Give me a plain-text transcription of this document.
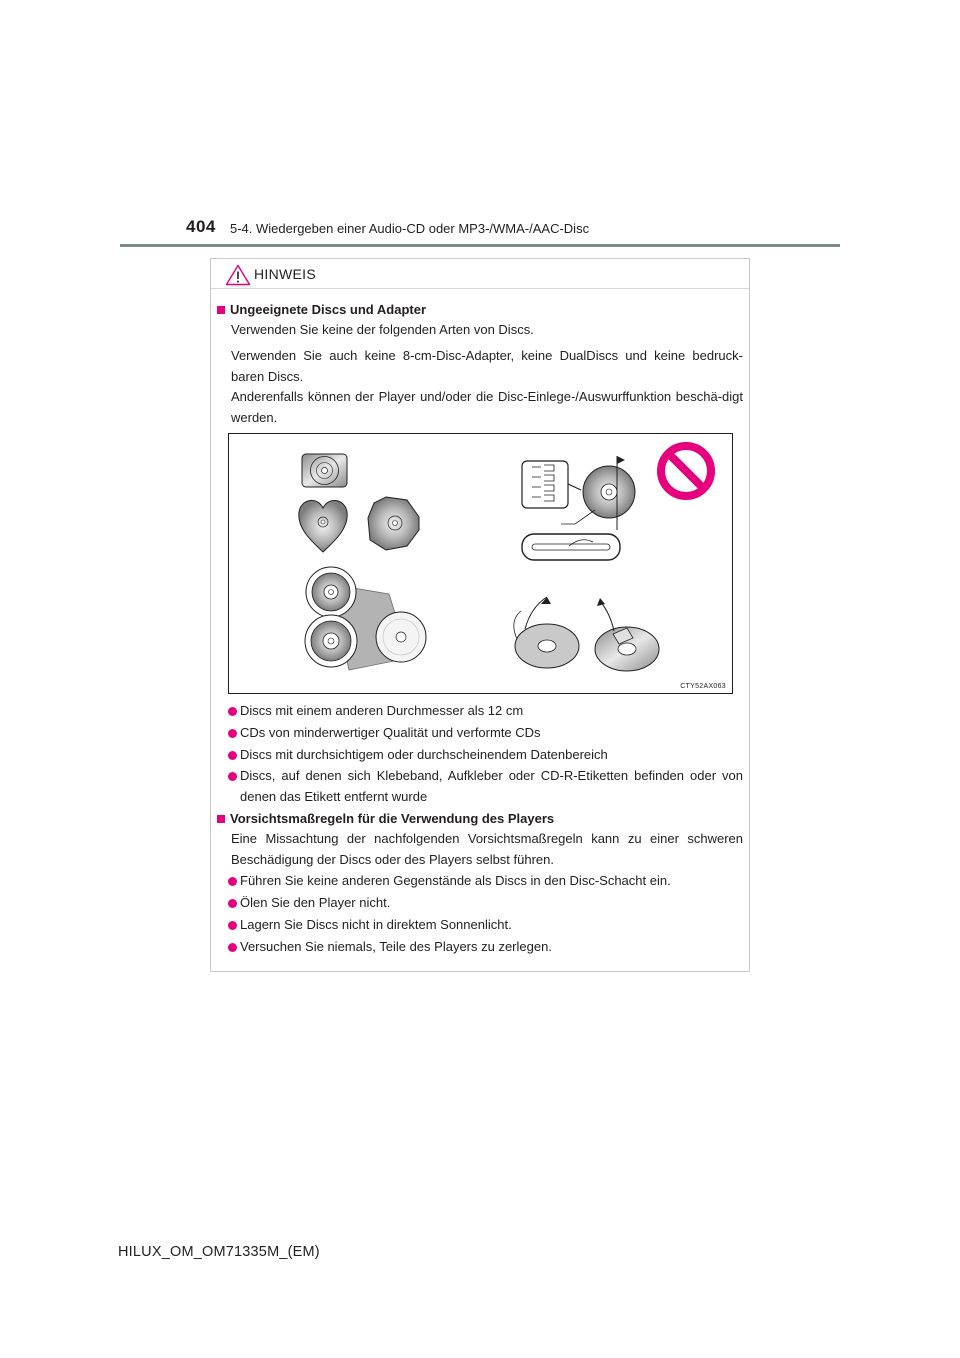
404 5-4. Wiedergeben einer Audio-CD oder MP3-/WMA-/AAC-Disc
HINWEIS
Ungeeignete Discs und Adapter
Verwenden Sie keine der folgenden Arten von Discs.
Verwenden Sie auch keine 8-cm-Disc-Adapter, keine DualDiscs und keine bedruck-baren Discs.
Anderenfalls können der Player und/oder die Disc-Einlege-/Auswurffunktion beschä-digt werden.
CTY52AX063
Discs mit einem anderen Durchmesser als 12 cm
CDs von minderwertiger Qualität und verformte CDs
Discs mit durchsichtigem oder durchscheinendem Datenbereich
Discs, auf denen sich Klebeband, Aufkleber oder CD-R-Etiketten befinden oder von denen das Etikett entfernt wurde
Vorsichtsmaßregeln für die Verwendung des Players
Eine Missachtung der nachfolgenden Vorsichtsmaßregeln kann zu einer schweren Beschädigung der Discs oder des Players selbst führen.
Führen Sie keine anderen Gegenstände als Discs in den Disc-Schacht ein.
Ölen Sie den Player nicht.
Lagern Sie Discs nicht in direktem Sonnenlicht.
Versuchen Sie niemals, Teile des Players zu zerlegen.
HILUX_OM_OM71335M_(EM)
